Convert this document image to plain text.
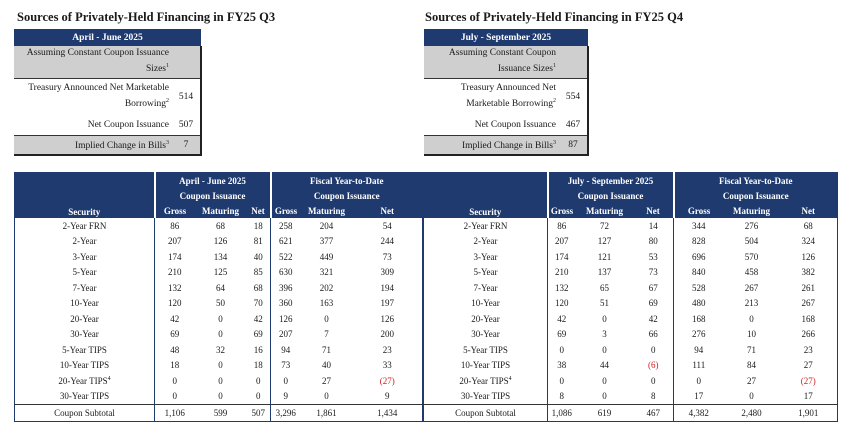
Sources of Privately-Held Financing in FY25 Q3
April - June 2025	
Assuming Constant Coupon Issuance Sizes$^1$	
Treasury Announced Net Marketable Borrowing$^2$	514
Net Coupon Issuance	507
Implied Change in Bills$^3$	7
Security	April - June 2025			Fiscal Year-to-Date		
	Coupon Issuance			Coupon Issuance		
	Gross	Maturing	Net	Gross	Maturing	Net
2-Year FRN	86	68	18	258	204	54
2-Year	207	126	81	621	377	244
3-Year	174	134	40	522	449	73
5-Year	210	125	85	630	321	309
7-Year	132	64	68	396	202	194
10-Year	120	50	70	360	163	197
20-Year	42	0	42	126	0	126
30-Year	69	0	69	207	7	200
5-Year TIPS	48	32	16	94	71	23
10-Year TIPS	18	0	18	73	40	33
20-Year TIPS$^4$	0	0	0	0	27	(27)
30-Year TIPS	0	0	0	9	0	9
Coupon Subtotal	1,106	599	507	3,296	1,861	1,434
Sources of Privately-Held Financing in FY25 Q4
July - September 2025	
Assuming Constant Coupon Issuance Sizes$^1$	
Treasury Announced Net Marketable Borrowing$^2$	554
Net Coupon Issuance	467
Implied Change in Bills$^3$	87
Security	July - September 2025			Fiscal Year-to-Date		
	Coupon Issuance			Coupon Issuance		
	Gross	Maturing	Net	Gross	Maturing	Net
2-Year FRN	86	72	14	344	276	68
2-Year	207	127	80	828	504	324
3-Year	174	121	53	696	570	126
5-Year	210	137	73	840	458	382
7-Year	132	65	67	528	267	261
10-Year	120	51	69	480	213	267
20-Year	42	0	42	168	0	168
30-Year	69	3	66	276	10	266
5-Year TIPS	0	0	0	94	71	23
10-Year TIPS	38	44	(6)	111	84	27
20-Year TIPS$^4$	0	0	0	0	27	(27)
30-Year TIPS	8	0	8	17	0	17
Coupon Subtotal	1,086	619	467	4,382	2,480	1,901
